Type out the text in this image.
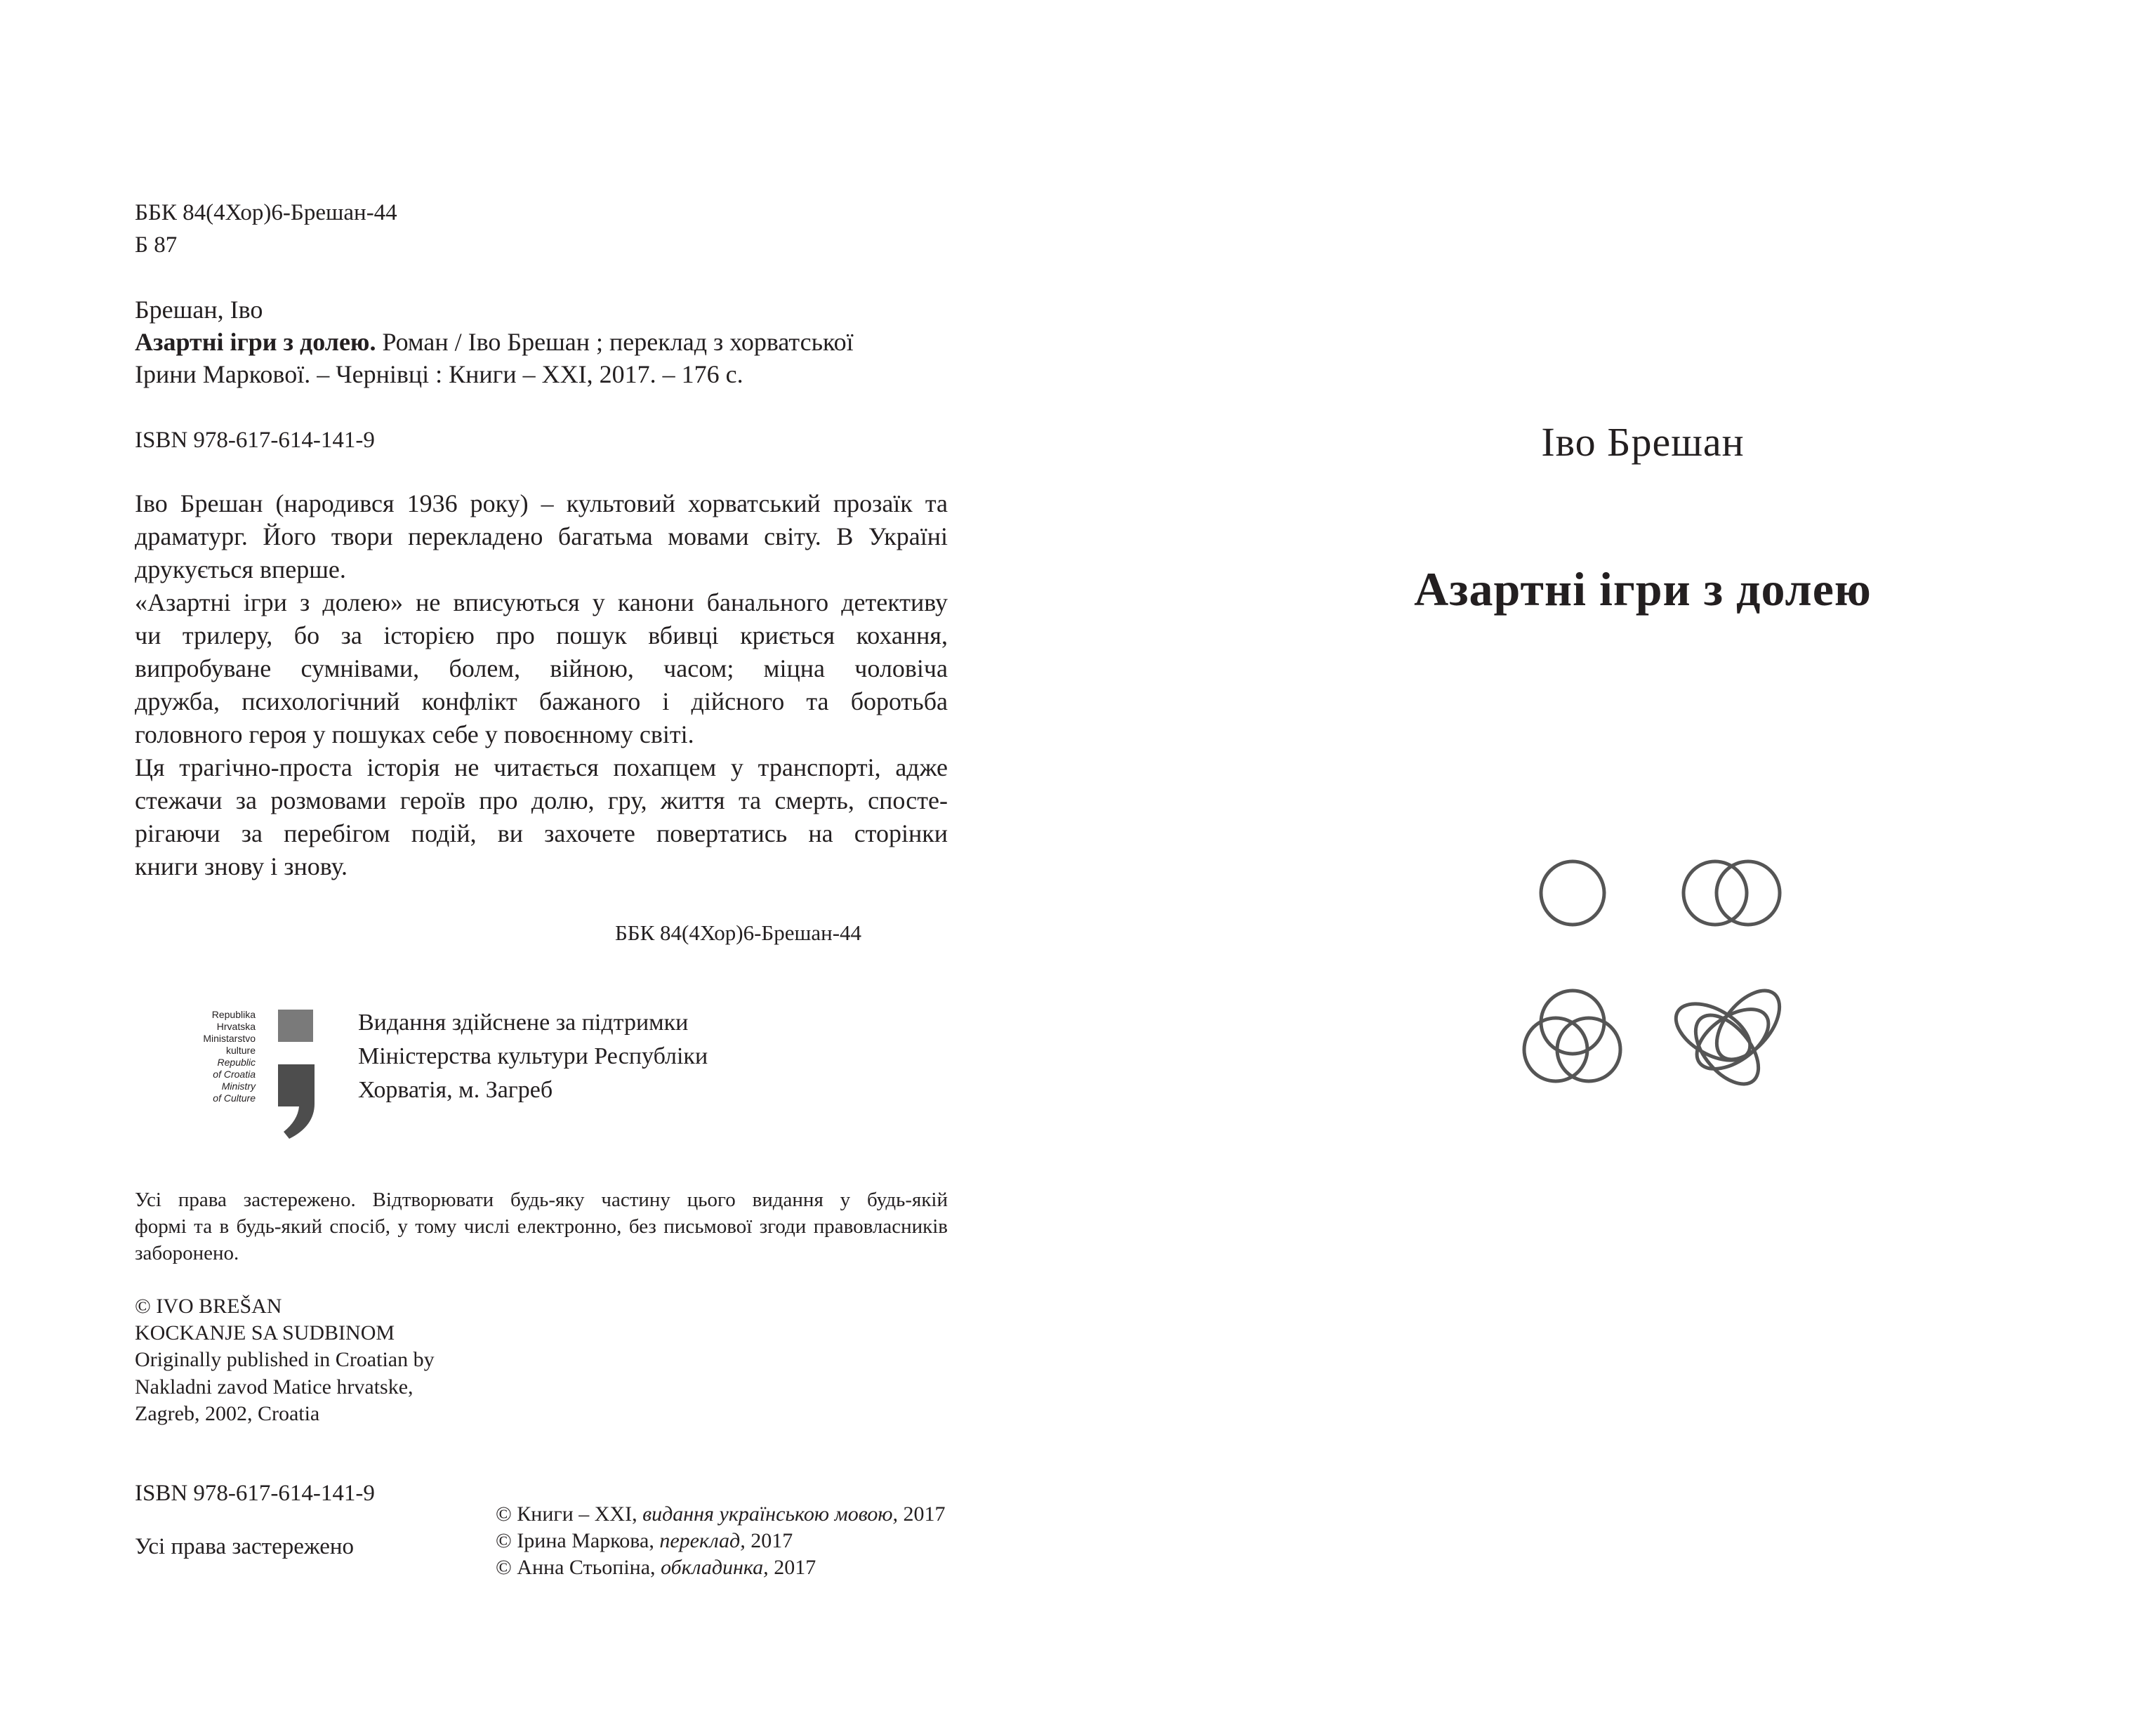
ББК 84(4Хор)6-Брешан-44
Б 87
Брешан, Іво
Азартні ігри з долею. Роман / Іво Брешан ; переклад з хорватської
Ірини Маркової. – Чернівці : Книги – XXI, 2017. – 176 с.
ISBN 978-617-614-141-9
Іво Брешан (народився 1936 року) – культовий хорватський прозаїк та
драматург. Його твори перекладено багатьма мовами світу. В Україні
друкується вперше.
«Азартні ігри з долею» не вписуються у канони банального детективу
чи трилеру, бо за історією про пошук вбивці криється кохання,
випробуване сумнівами, болем, війною, часом; міцна чоловіча
дружба, психологічний конфлікт бажаного і дійсного та боротьба
головного героя у пошуках себе у повоєнному світі.
Ця трагічно-проста історія не читається похапцем у транспорті, адже
стежачи за розмовами героїв про долю, гру, життя та смерть, спосте-
рігаючи за перебігом подій, ви захочете повертатись на сторінки
книги знову і знову.
ББК 84(4Хор)6-Брешан-44
Republika
Hrvatska
Ministarstvo
kulture
Republic
of Croatia
Ministry
of Culture
Видання здійснене за підтримки
Міністерства культури Республіки
Хорватія, м. Загреб
Усі права застережено. Відтворювати будь-яку частину цього видання у будь-якій
формі та в будь-який спосіб, у тому числі електронно, без письмової згоди правовласників
заборонено.
© IVO BREŠAN
KOCKANJE SA SUDBINOM
Originally published in Croatian by
Nakladni zavod Matice hrvatske,
Zagreb, 2002, Croatia
ISBN 978-617-614-141-9
Усі права застережено
© Книги – XXI, видання українською мовою, 2017
© Ірина Маркова, переклад, 2017
© Анна Стьопіна, обкладинка, 2017
Іво Брешан
Азартні ігри з долею
